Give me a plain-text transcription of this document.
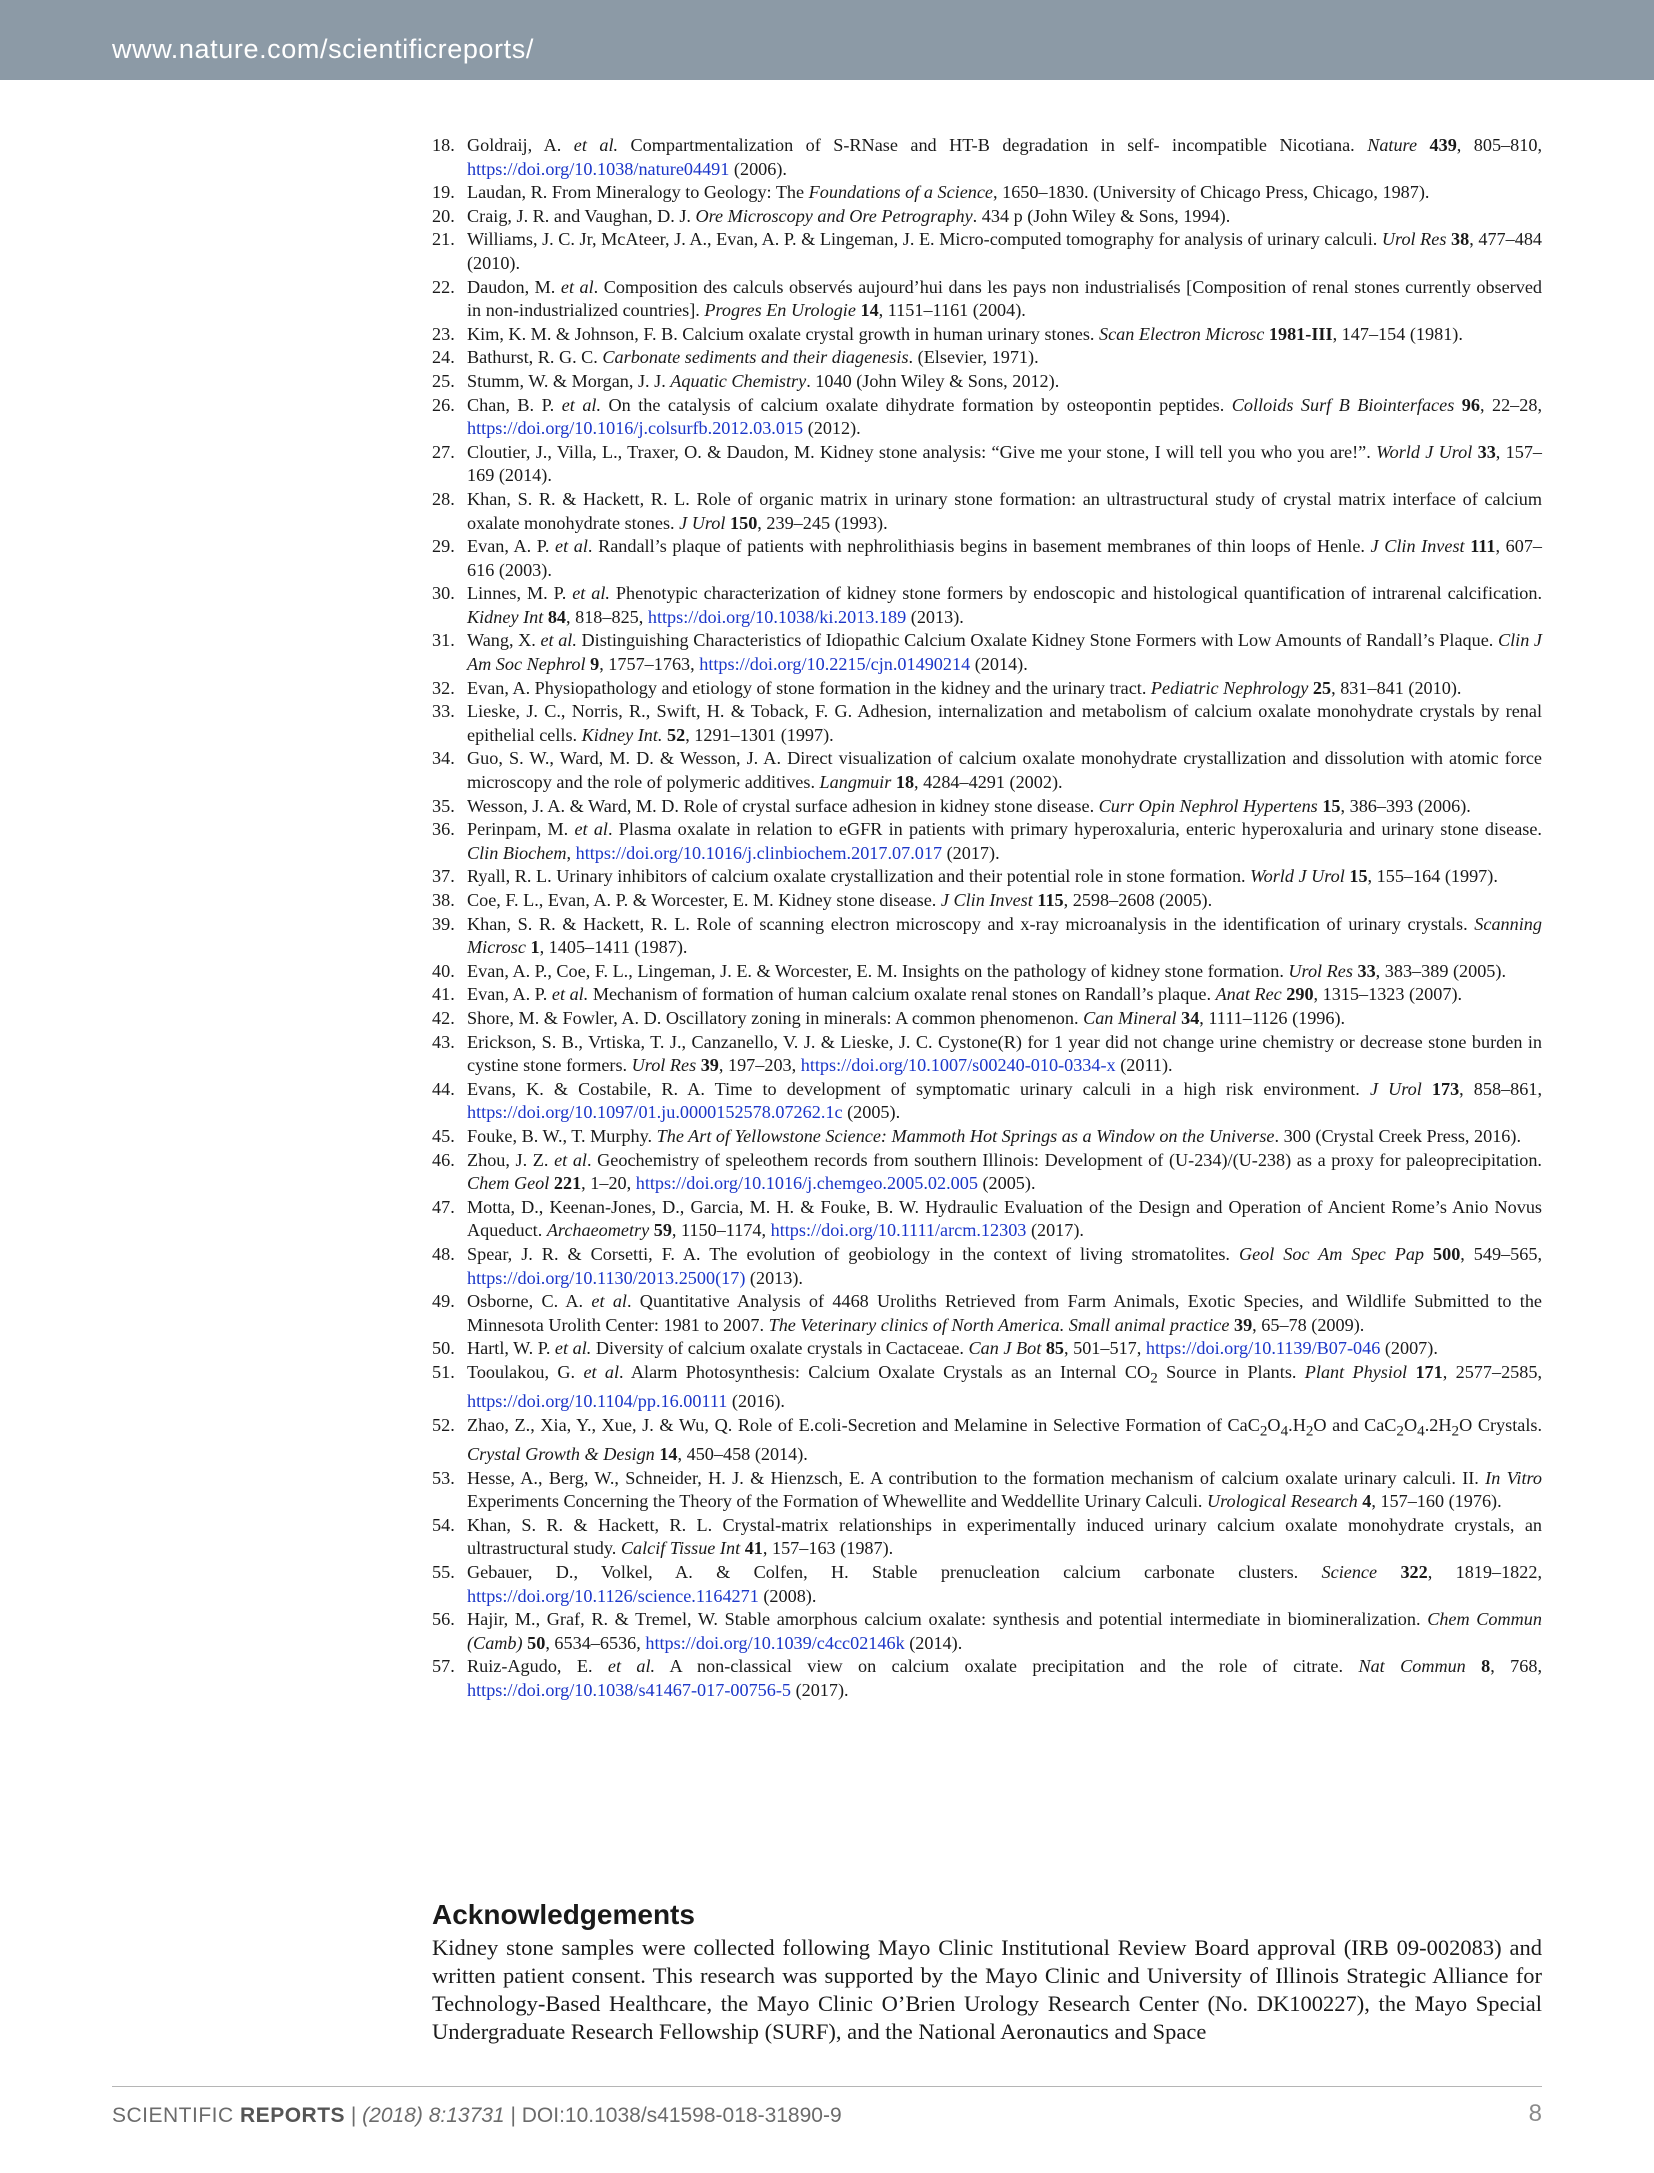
www.nature.com/scientificreports/
18. Goldraij, A. et al. Compartmentalization of S-RNase and HT-B degradation in self- incompatible Nicotiana. Nature 439, 805–810, https://doi.org/10.1038/nature04491 (2006).
19. Laudan, R. From Mineralogy to Geology: The Foundations of a Science, 1650–1830. (University of Chicago Press, Chicago, 1987).
20. Craig, J. R. and Vaughan, D. J. Ore Microscopy and Ore Petrography. 434 p (John Wiley & Sons, 1994).
21. Williams, J. C. Jr, McAteer, J. A., Evan, A. P. & Lingeman, J. E. Micro-computed tomography for analysis of urinary calculi. Urol Res 38, 477–484 (2010).
22. Daudon, M. et al. Composition des calculs observés aujourd’hui dans les pays non industrialisés [Composition of renal stones currently observed in non-industrialized countries]. Progres En Urologie 14, 1151–1161 (2004).
23. Kim, K. M. & Johnson, F. B. Calcium oxalate crystal growth in human urinary stones. Scan Electron Microsc 1981-III, 147–154 (1981).
24. Bathurst, R. G. C. Carbonate sediments and their diagenesis. (Elsevier, 1971).
25. Stumm, W. & Morgan, J. J. Aquatic Chemistry. 1040 (John Wiley & Sons, 2012).
26. Chan, B. P. et al. On the catalysis of calcium oxalate dihydrate formation by osteopontin peptides. Colloids Surf B Biointerfaces 96, 22–28, https://doi.org/10.1016/j.colsurfb.2012.03.015 (2012).
27. Cloutier, J., Villa, L., Traxer, O. & Daudon, M. Kidney stone analysis: “Give me your stone, I will tell you who you are!”. World J Urol 33, 157–169 (2014).
28. Khan, S. R. & Hackett, R. L. Role of organic matrix in urinary stone formation: an ultrastructural study of crystal matrix interface of calcium oxalate monohydrate stones. J Urol 150, 239–245 (1993).
29. Evan, A. P. et al. Randall’s plaque of patients with nephrolithiasis begins in basement membranes of thin loops of Henle. J Clin Invest 111, 607–616 (2003).
30. Linnes, M. P. et al. Phenotypic characterization of kidney stone formers by endoscopic and histological quantification of intrarenal calcification. Kidney Int 84, 818–825, https://doi.org/10.1038/ki.2013.189 (2013).
31. Wang, X. et al. Distinguishing Characteristics of Idiopathic Calcium Oxalate Kidney Stone Formers with Low Amounts of Randall’s Plaque. Clin J Am Soc Nephrol 9, 1757–1763, https://doi.org/10.2215/cjn.01490214 (2014).
32. Evan, A. Physiopathology and etiology of stone formation in the kidney and the urinary tract. Pediatric Nephrology 25, 831–841 (2010).
33. Lieske, J. C., Norris, R., Swift, H. & Toback, F. G. Adhesion, internalization and metabolism of calcium oxalate monohydrate crystals by renal epithelial cells. Kidney Int. 52, 1291–1301 (1997).
34. Guo, S. W., Ward, M. D. & Wesson, J. A. Direct visualization of calcium oxalate monohydrate crystallization and dissolution with atomic force microscopy and the role of polymeric additives. Langmuir 18, 4284–4291 (2002).
35. Wesson, J. A. & Ward, M. D. Role of crystal surface adhesion in kidney stone disease. Curr Opin Nephrol Hypertens 15, 386–393 (2006).
36. Perinpam, M. et al. Plasma oxalate in relation to eGFR in patients with primary hyperoxaluria, enteric hyperoxaluria and urinary stone disease. Clin Biochem, https://doi.org/10.1016/j.clinbiochem.2017.07.017 (2017).
37. Ryall, R. L. Urinary inhibitors of calcium oxalate crystallization and their potential role in stone formation. World J Urol 15, 155–164 (1997).
38. Coe, F. L., Evan, A. P. & Worcester, E. M. Kidney stone disease. J Clin Invest 115, 2598–2608 (2005).
39. Khan, S. R. & Hackett, R. L. Role of scanning electron microscopy and x-ray microanalysis in the identification of urinary crystals. Scanning Microsc 1, 1405–1411 (1987).
40. Evan, A. P., Coe, F. L., Lingeman, J. E. & Worcester, E. M. Insights on the pathology of kidney stone formation. Urol Res 33, 383–389 (2005).
41. Evan, A. P. et al. Mechanism of formation of human calcium oxalate renal stones on Randall’s plaque. Anat Rec 290, 1315–1323 (2007).
42. Shore, M. & Fowler, A. D. Oscillatory zoning in minerals: A common phenomenon. Can Mineral 34, 1111–1126 (1996).
43. Erickson, S. B., Vrtiska, T. J., Canzanello, V. J. & Lieske, J. C. Cystone(R) for 1 year did not change urine chemistry or decrease stone burden in cystine stone formers. Urol Res 39, 197–203, https://doi.org/10.1007/s00240-010-0334-x (2011).
44. Evans, K. & Costabile, R. A. Time to development of symptomatic urinary calculi in a high risk environment. J Urol 173, 858–861, https://doi.org/10.1097/01.ju.0000152578.07262.1c (2005).
45. Fouke, B. W., T. Murphy. The Art of Yellowstone Science: Mammoth Hot Springs as a Window on the Universe. 300 (Crystal Creek Press, 2016).
46. Zhou, J. Z. et al. Geochemistry of speleothem records from southern Illinois: Development of (U-234)/(U-238) as a proxy for paleoprecipitation. Chem Geol 221, 1–20, https://doi.org/10.1016/j.chemgeo.2005.02.005 (2005).
47. Motta, D., Keenan-Jones, D., Garcia, M. H. & Fouke, B. W. Hydraulic Evaluation of the Design and Operation of Ancient Rome’s Anio Novus Aqueduct. Archaeometry 59, 1150–1174, https://doi.org/10.1111/arcm.12303 (2017).
48. Spear, J. R. & Corsetti, F. A. The evolution of geobiology in the context of living stromatolites. Geol Soc Am Spec Pap 500, 549–565, https://doi.org/10.1130/2013.2500(17) (2013).
49. Osborne, C. A. et al. Quantitative Analysis of 4468 Uroliths Retrieved from Farm Animals, Exotic Species, and Wildlife Submitted to the Minnesota Urolith Center: 1981 to 2007. The Veterinary clinics of North America. Small animal practice 39, 65–78 (2009).
50. Hartl, W. P. et al. Diversity of calcium oxalate crystals in Cactaceae. Can J Bot 85, 501–517, https://doi.org/10.1139/B07-046 (2007).
51. Tooulakou, G. et al. Alarm Photosynthesis: Calcium Oxalate Crystals as an Internal $CO_2$ Source in Plants. Plant Physiol 171, 2577–2585, https://doi.org/10.1104/pp.16.00111 (2016).
52. Zhao, Z., Xia, Y., Xue, J. & Wu, Q. Role of E.coli-Secretion and Melamine in Selective Formation of $CaC_2O_4.H_2O$ and $CaC_2O_4.2H_2O$ Crystals. Crystal Growth & Design 14, 450–458 (2014).
53. Hesse, A., Berg, W., Schneider, H. J. & Hienzsch, E. A contribution to the formation mechanism of calcium oxalate urinary calculi. II. In Vitro Experiments Concerning the Theory of the Formation of Whewellite and Weddellite Urinary Calculi. Urological Research 4, 157–160 (1976).
54. Khan, S. R. & Hackett, R. L. Crystal-matrix relationships in experimentally induced urinary calcium oxalate monohydrate crystals, an ultrastructural study. Calcif Tissue Int 41, 157–163 (1987).
55. Gebauer, D., Volkel, A. & Colfen, H. Stable prenucleation calcium carbonate clusters. Science 322, 1819–1822, https://doi.org/10.1126/science.1164271 (2008).
56. Hajir, M., Graf, R. & Tremel, W. Stable amorphous calcium oxalate: synthesis and potential intermediate in biomineralization. Chem Commun (Camb) 50, 6534–6536, https://doi.org/10.1039/c4cc02146k (2014).
57. Ruiz-Agudo, E. et al. A non-classical view on calcium oxalate precipitation and the role of citrate. Nat Commun 8, 768, https://doi.org/10.1038/s41467-017-00756-5 (2017).
Acknowledgements

Kidney stone samples were collected following Mayo Clinic Institutional Review Board approval (IRB 09-002083) and written patient consent. This research was supported by the Mayo Clinic and University of Illinois Strategic Alliance for Technology-Based Healthcare, the Mayo Clinic O’Brien Urology Research Center (No. DK100227), the Mayo Special Undergraduate Research Fellowship (SURF), and the National Aeronautics and Space

SCIENTIFIC REPORTS | (2018) 8:13731 | DOI:10.1038/s41598-018-31890-9	8
